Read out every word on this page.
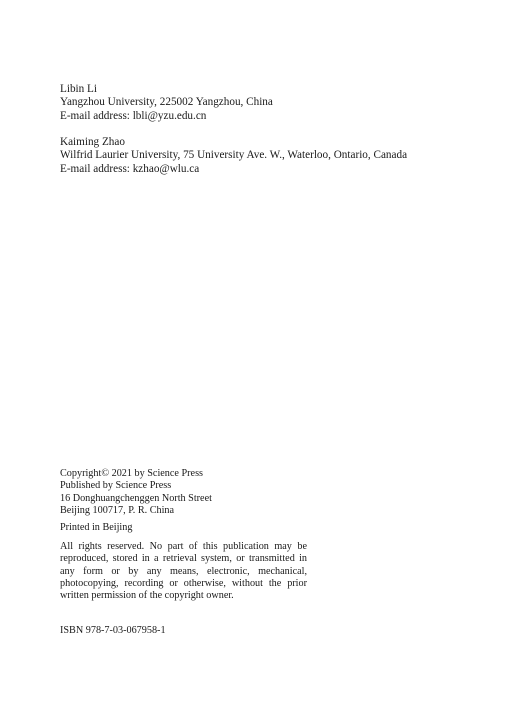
Libin Li
Yangzhou University, 225002 Yangzhou, China
E-mail address: lbli@yzu.edu.cn
Kaiming Zhao
Wilfrid Laurier University, 75 University Ave. W., Waterloo, Ontario, Canada
E-mail address: kzhao@wlu.ca
Copyright© 2021 by Science Press
Published by Science Press
16 Donghuangchenggen North Street
Beijing 100717, P. R. China
Printed in Beijing
All rights reserved. No part of this publication may be
reproduced, stored in a retrieval system, or transmitted in
any form or by any means, electronic, mechanical,
photocopying, recording or otherwise, without the prior
written permission of the copyright owner.
ISBN 978-7-03-067958-1
